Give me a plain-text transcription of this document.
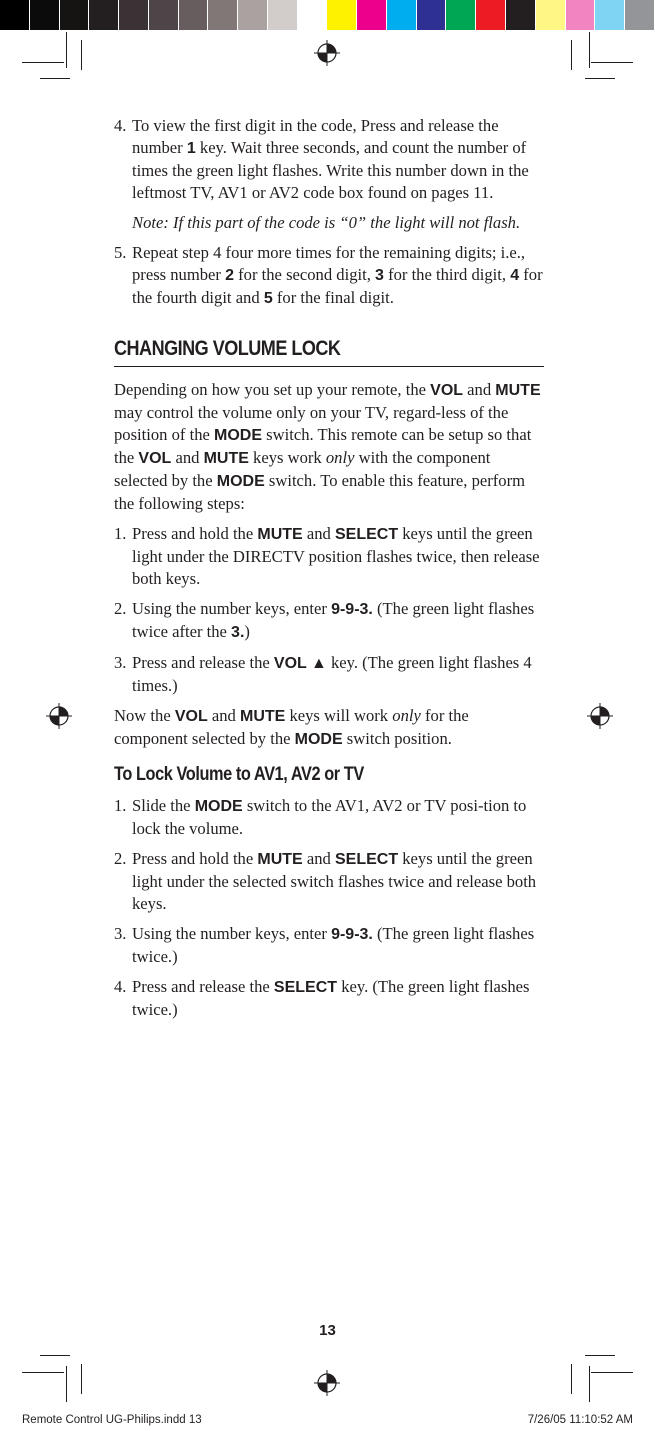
4. To view the first digit in the code, Press and release the number 1 key. Wait three seconds, and count the number of times the green light flashes. Write this number down in the leftmost TV, AV1 or AV2 code box found on pages 11.
Note: If this part of the code is “0” the light will not flash.
5. Repeat step 4 four more times for the remaining digits; i.e., press number 2 for the second digit, 3 for the third digit, 4 for the fourth digit and 5 for the final digit.
CHANGING VOLUME LOCK
Depending on how you set up your remote, the VOL and MUTE may control the volume only on your TV, regard-less of the position of the MODE switch. This remote can be setup so that the VOL and MUTE keys work only with the component selected by the MODE switch. To enable this feature, perform the following steps:
1. Press and hold the MUTE and SELECT keys until the green light under the DIRECTV position flashes twice, then release both keys.
2. Using the number keys, enter 9-9-3. (The green light flashes twice after the 3.)
3. Press and release the VOL ▲ key. (The green light flashes 4 times.)
Now the VOL and MUTE keys will work only for the component selected by the MODE switch position.
To Lock Volume to AV1, AV2 or TV
1. Slide the MODE switch to the AV1, AV2 or TV posi-tion to lock the volume.
2. Press and hold the MUTE and SELECT keys until the green light under the selected switch flashes twice and release both keys.
3. Using the number keys, enter 9-9-3. (The green light flashes twice.)
4. Press and release the SELECT key. (The green light flashes twice.)
13
Remote Control UG-Philips.indd 13	7/26/05 11:10:52 AM
